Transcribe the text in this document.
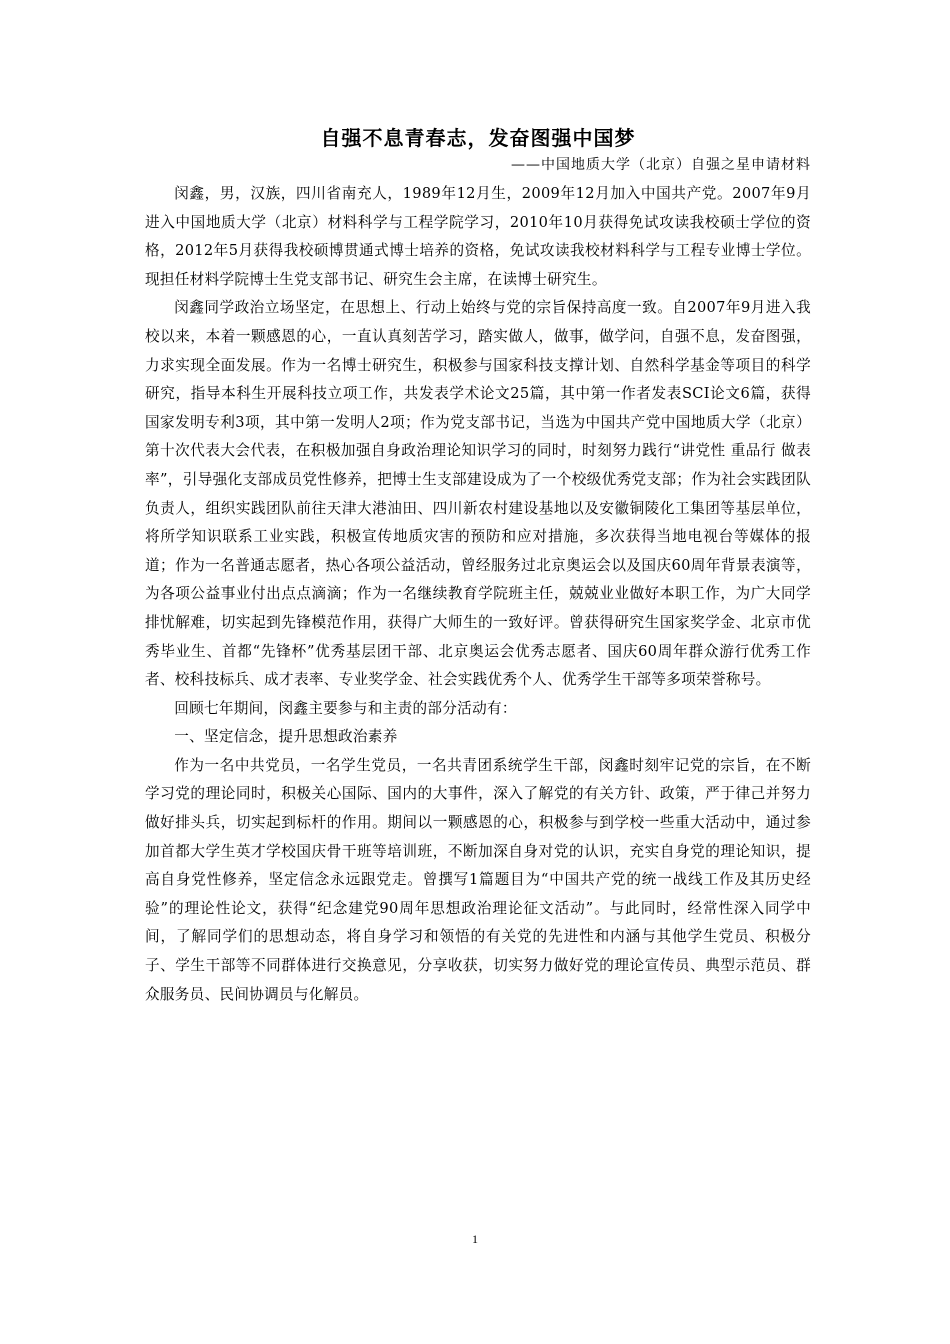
自强不息青春志，发奋图强中国梦

——中国地质大学（北京）自强之星申请材料

闵鑫，男，汉族，四川省南充人，1989年12月生，2009年12月加入中国共产党。2007年9月进入中国地质大学（北京）材料科学与工程学院学习，2010年10月获得免试攻读我校硕士学位的资格，2012年5月获得我校硕博贯通式博士培养的资格，免试攻读我校材料科学与工程专业博士学位。现担任材料学院博士生党支部书记、研究生会主席，在读博士研究生。

闵鑫同学政治立场坚定，在思想上、行动上始终与党的宗旨保持高度一致。自2007年9月进入我校以来，本着一颗感恩的心，一直认真刻苦学习，踏实做人，做事，做学问，自强不息，发奋图强，力求实现全面发展。作为一名博士研究生，积极参与国家科技支撑计划、自然科学基金等项目的科学研究，指导本科生开展科技立项工作，共发表学术论文25篇，其中第一作者发表SCI论文6篇，获得国家发明专利3项，其中第一发明人2项；作为党支部书记，当选为中国共产党中国地质大学（北京）第十次代表大会代表，在积极加强自身政治理论知识学习的同时，时刻努力践行“讲党性 重品行 做表率”，引导强化支部成员党性修养，把博士生支部建设成为了一个校级优秀党支部；作为社会实践团队负责人，组织实践团队前往天津大港油田、四川新农村建设基地以及安徽铜陵化工集团等基层单位，将所学知识联系工业实践，积极宣传地质灾害的预防和应对措施，多次获得当地电视台等媒体的报道；作为一名普通志愿者，热心各项公益活动，曾经服务过北京奥运会以及国庆60周年背景表演等，为各项公益事业付出点点滴滴；作为一名继续教育学院班主任，兢兢业业做好本职工作，为广大同学排忧解难，切实起到先锋模范作用，获得广大师生的一致好评。曾获得研究生国家奖学金、北京市优秀毕业生、首都“先锋杯”优秀基层团干部、北京奥运会优秀志愿者、国庆60周年群众游行优秀工作者、校科技标兵、成才表率、专业奖学金、社会实践优秀个人、优秀学生干部等多项荣誉称号。

回顾七年期间，闵鑫主要参与和主责的部分活动有：

一、坚定信念，提升思想政治素养

作为一名中共党员，一名学生党员，一名共青团系统学生干部，闵鑫时刻牢记党的宗旨，在不断学习党的理论同时，积极关心国际、国内的大事件，深入了解党的有关方针、政策，严于律己并努力做好排头兵，切实起到标杆的作用。期间以一颗感恩的心，积极参与到学校一些重大活动中，通过参加首都大学生英才学校国庆骨干班等培训班，不断加深自身对党的认识，充实自身党的理论知识，提高自身党性修养，坚定信念永远跟党走。曾撰写1篇题目为“中国共产党的统一战线工作及其历史经验”的理论性论文，获得“纪念建党90周年思想政治理论征文活动”。与此同时，经常性深入同学中间，了解同学们的思想动态，将自身学习和领悟的有关党的先进性和内涵与其他学生党员、积极分子、学生干部等不同群体进行交换意见，分享收获，切实努力做好党的理论宣传员、典型示范员、群众服务员、民间协调员与化解员。

1
